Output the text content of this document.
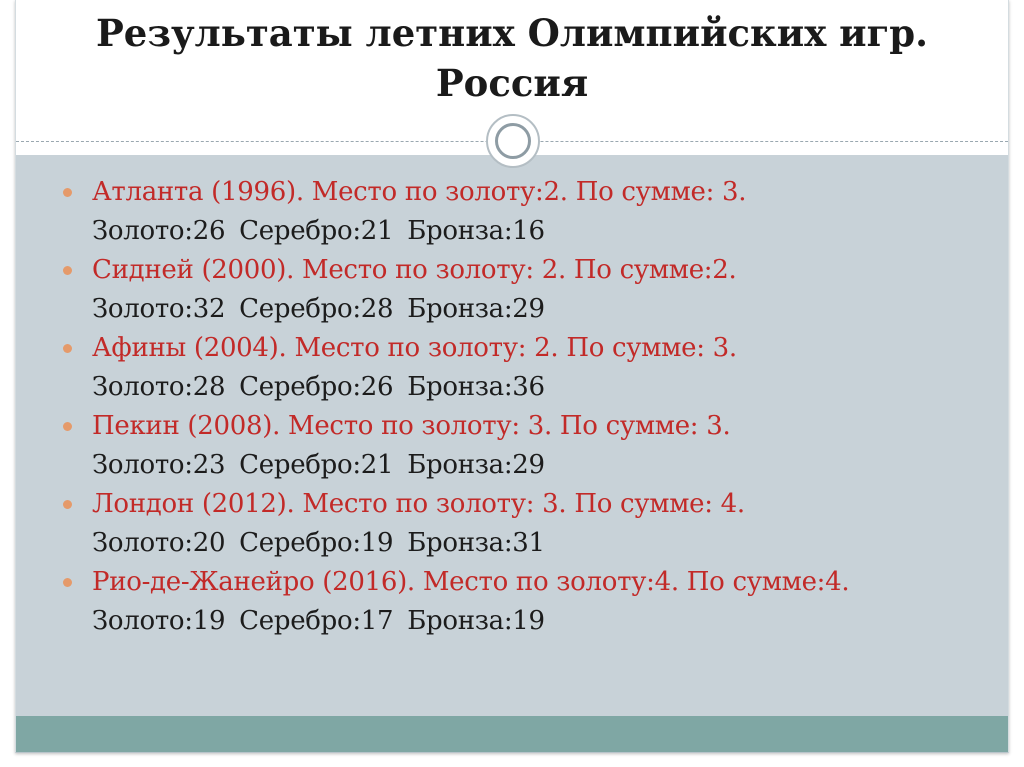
Результаты летних Олимпийских игр.
Россия
Атланта (1996). Место по золоту:2. По сумме: 3.
Золото:26 Серебро:21 Бронза:16
Сидней (2000). Место по золоту: 2. По сумме:2.
Золото:32 Серебро:28 Бронза:29
Афины (2004). Место по золоту: 2. По сумме: 3.
Золото:28 Серебро:26 Бронза:36
Пекин (2008). Место по золоту: 3. По сумме: 3.
Золото:23 Серебро:21 Бронза:29
Лондон (2012). Место по золоту: 3. По сумме: 4.
Золото:20 Серебро:19 Бронза:31
Рио-де-Жанейро (2016). Место по золоту:4. По сумме:4.
Золото:19 Серебро:17 Бронза:19
